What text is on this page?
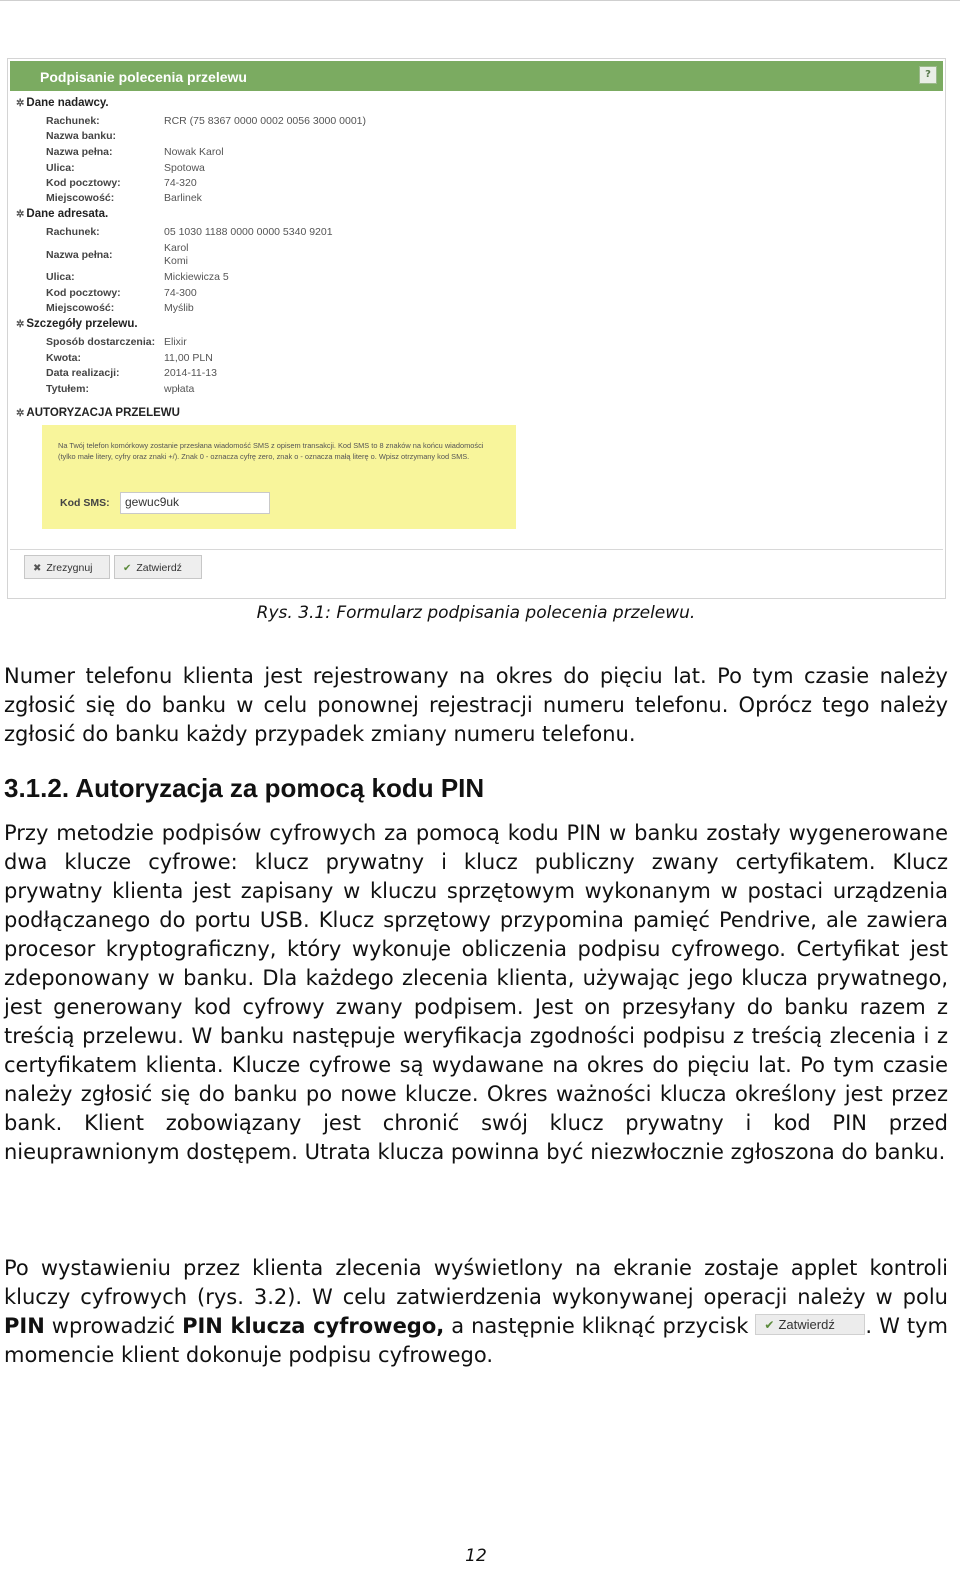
Podpisanie polecenia przelewu	?
✲ Dane nadawcy.
Rachunek:	RCR (75 8367 0000 0002 0056 3000 0001)
Nazwa banku:
Nazwa pełna:	Nowak Karol
Ulica:	Spotowa
Kod pocztowy:	74-320
Miejscowość:	Barlinek
✲ Dane adresata.
Rachunek:	05 1030 1188 0000 0000 5340 9201
Nazwa pełna:
Karol
Komi
Ulica:	Mickiewicza 5
Kod pocztowy:	74-300
Miejscowość:	Myślib
✲ Szczegóły przelewu.
Sposób dostarczenia: Elixir
Kwota:	11,00 PLN
Data realizacji:	2014-11-13
Tytułem:	wpłata
✲ AUTORYZACJA PRZELEWU
Na Twój telefon komórkowy zostanie przesłana wiadomość SMS z opisem transakcji. Kod SMS to 8 znaków na końcu wiadomości (tylko małe litery, cyfry oraz znaki +/). Znak 0 - oznacza cyfrę zero, znak o - oznacza małą literę o. Wpisz otrzymany kod SMS.
Kod SMS:	gewuc9uk
✖ Zrezygnuj	✔ Zatwierdź
Rys. 3.1: Formularz podpisania polecenia przelewu.
Numer telefonu klienta jest rejestrowany na okres do pięciu lat. Po tym czasie należy zgłosić się do banku w celu ponownej rejestracji numeru telefonu. Oprócz tego należy zgłosić do banku każdy przypadek zmiany numeru telefonu.
3.1.2. Autoryzacja za pomocą kodu PIN
Przy metodzie podpisów cyfrowych za pomocą kodu PIN w banku zostały wygenerowane dwa klucze cyfrowe: klucz prywatny i klucz publiczny zwany certyfikatem. Klucz prywatny klienta jest zapisany w kluczu sprzętowym wykonanym w postaci urządzenia podłączanego do portu USB. Klucz sprzętowy przypomina pamięć Pendrive, ale zawiera procesor kryptograficzny, który wykonuje obliczenia podpisu cyfrowego. Certyfikat jest zdeponowany w banku. Dla każdego zlecenia klienta, używając jego klucza prywatnego, jest generowany kod cyfrowy zwany podpisem. Jest on przesyłany do banku razem z treścią przelewu. W banku następuje weryfikacja zgodności podpisu z treścią zlecenia i z certyfikatem klienta. Klucze cyfrowe są wydawane na okres do pięciu lat. Po tym czasie należy zgłosić się do banku po nowe klucze. Okres ważności klucza określony jest przez bank. Klient zobowiązany jest chronić swój klucz prywatny i kod PIN przed nieuprawnionym dostępem. Utrata klucza powinna być niezwłocznie zgłoszona do banku.
Po wystawieniu przez klienta zlecenia wyświetlony na ekranie zostaje applet kontroli kluczy cyfrowych (rys. 3.2). W celu zatwierdzenia wykonywanej operacji należy w polu PIN wprowadzić PIN klucza cyfrowego, a następnie kliknąć przycisk ✔ Zatwierdź . W tym momencie klient dokonuje podpisu cyfrowego.
12
